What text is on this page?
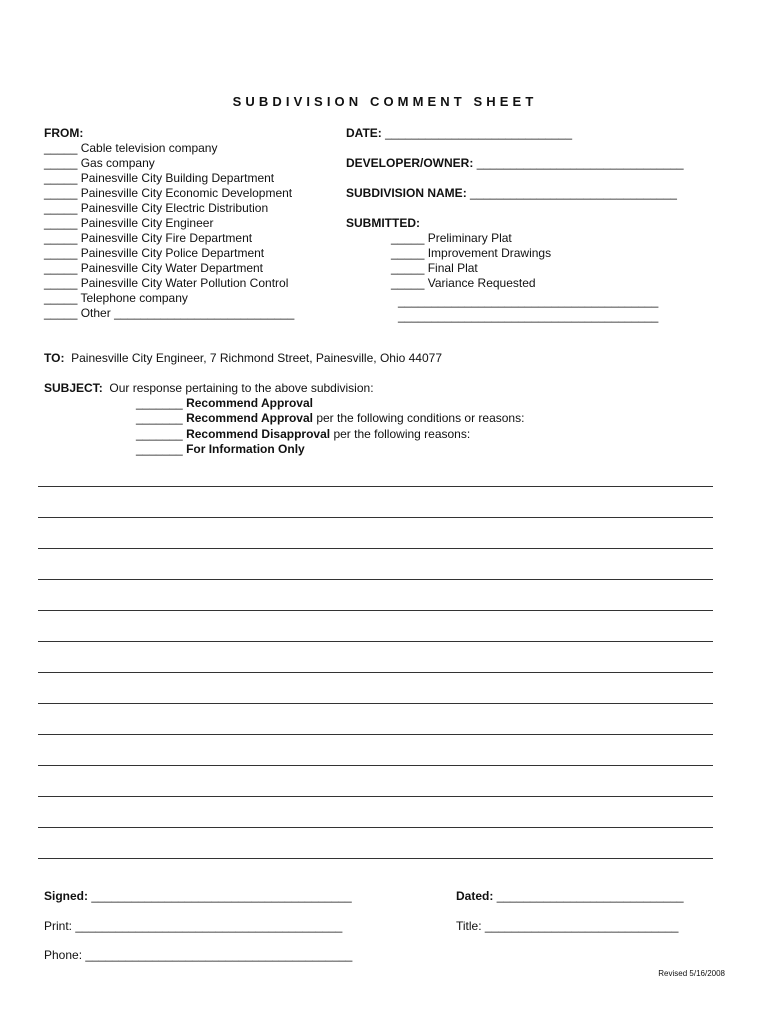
SUBDIVISION COMMENT SHEET
FROM:
_____ Cable television company
_____ Gas company
_____ Painesville City Building Department
_____ Painesville City Economic Development
_____ Painesville City Electric Distribution
_____ Painesville City Engineer
_____ Painesville City Fire Department
_____ Painesville City Police Department
_____ Painesville City Water Department
_____ Painesville City Water Pollution Control
_____ Telephone company
_____ Other ___________________________
DATE: ____________________________
DEVELOPER/OWNER: _______________________________
SUBDIVISION NAME: _______________________________
SUBMITTED:
_____ Preliminary Plat
_____ Improvement Drawings
_____ Final Plat
_____ Variance Requested
_______________________________________
_______________________________________
TO: Painesville City Engineer, 7 Richmond Street, Painesville, Ohio 44077
SUBJECT: Our response pertaining to the above subdivision:
_______ Recommend Approval
_______ Recommend Approval per the following conditions or reasons:
_______ Recommend Disapproval per the following reasons:
_______ For Information Only
Signed: _______________________________________	Dated: ____________________________
Print: ________________________________________	Title: _____________________________
Phone: ________________________________________
Revised 5/16/2008
